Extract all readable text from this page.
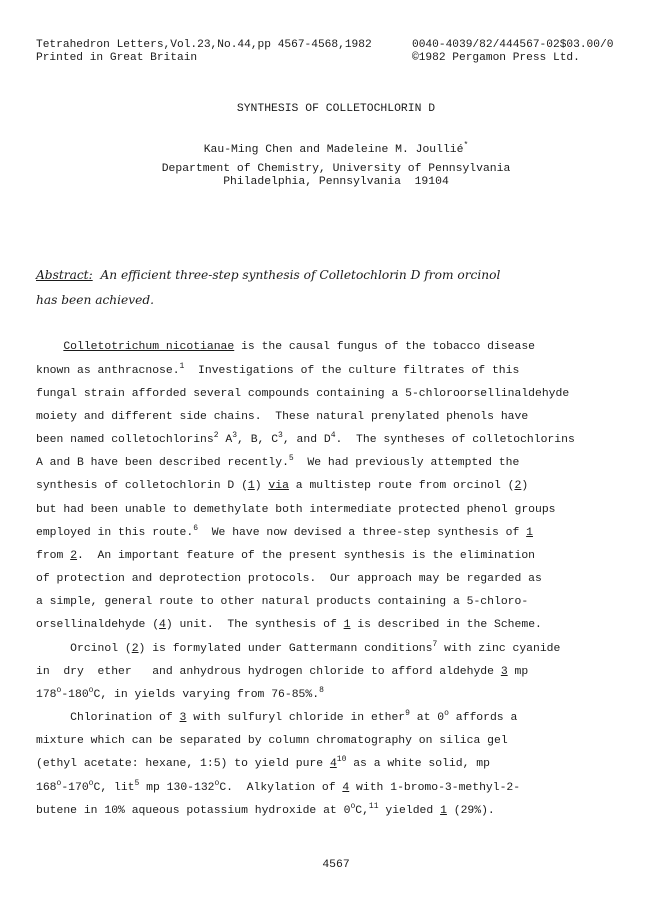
Tetrahedron Letters,Vol.23,No.44,pp 4567-4568,1982
Printed in Great Britain
0040-4039/82/444567-02$03.00/0
©1982 Pergamon Press Ltd.
SYNTHESIS OF COLLETOCHLORIN D
Kau-Ming Chen and Madeleine M. Joullié*
Department of Chemistry, University of Pennsylvania
Philadelphia, Pennsylvania  19104
Abstract: An efficient three-step synthesis of Colletochlorin D from orcinol
has been achieved.
Colletotrichum nicotianae is the causal fungus of the tobacco disease
known as anthracnose.$^1$  Investigations of the culture filtrates of this
fungal strain afforded several compounds containing a 5-chloroorsellinaldehyde
moiety and different side chains.  These natural prenylated phenols have
been named colletochlorins$^2$ $A^3$, B, $C^3$, and $D^4$.  The syntheses of colletochlorins
A and B have been described recently.$^5$  We had previously attempted the
synthesis of colletochlorin D (1) via a multistep route from orcinol (2)
but had been unable to demethylate both intermediate protected phenol groups
employed in this route.$^6$  We have now devised a three-step synthesis of 1
from 2.  An important feature of the present synthesis is the elimination
of protection and deprotection protocols.  Our approach may be regarded as
a simple, general route to other natural products containing a 5-chloro-
orsellinaldehyde (4) unit.  The synthesis of 1 is described in the Scheme.
Orcinol (2) is formylated under Gattermann conditions$^7$ with zinc cyanide
in  dry  ether   and anhydrous hydrogen chloride to afford aldehyde 3 mp
178$^o$-180$^o$C, in yields varying from 76-85%.$^8$
Chlorination of 3 with sulfuryl chloride in ether$^9$ at 0$^o$ affords a
mixture which can be separated by column chromatography on silica gel
(ethyl acetate: hexane, 1:5) to yield pure $4^{10}$ as a white solid, mp
168$^o$-170$^o$C, lit$^5$ mp 130-132$^o$C.  Alkylation of 4 with 1-bromo-3-methyl-2-
butene in 10% aqueous potassium hydroxide at 0$^o$C,$^{11}$ yielded 1 (29%).
4567
